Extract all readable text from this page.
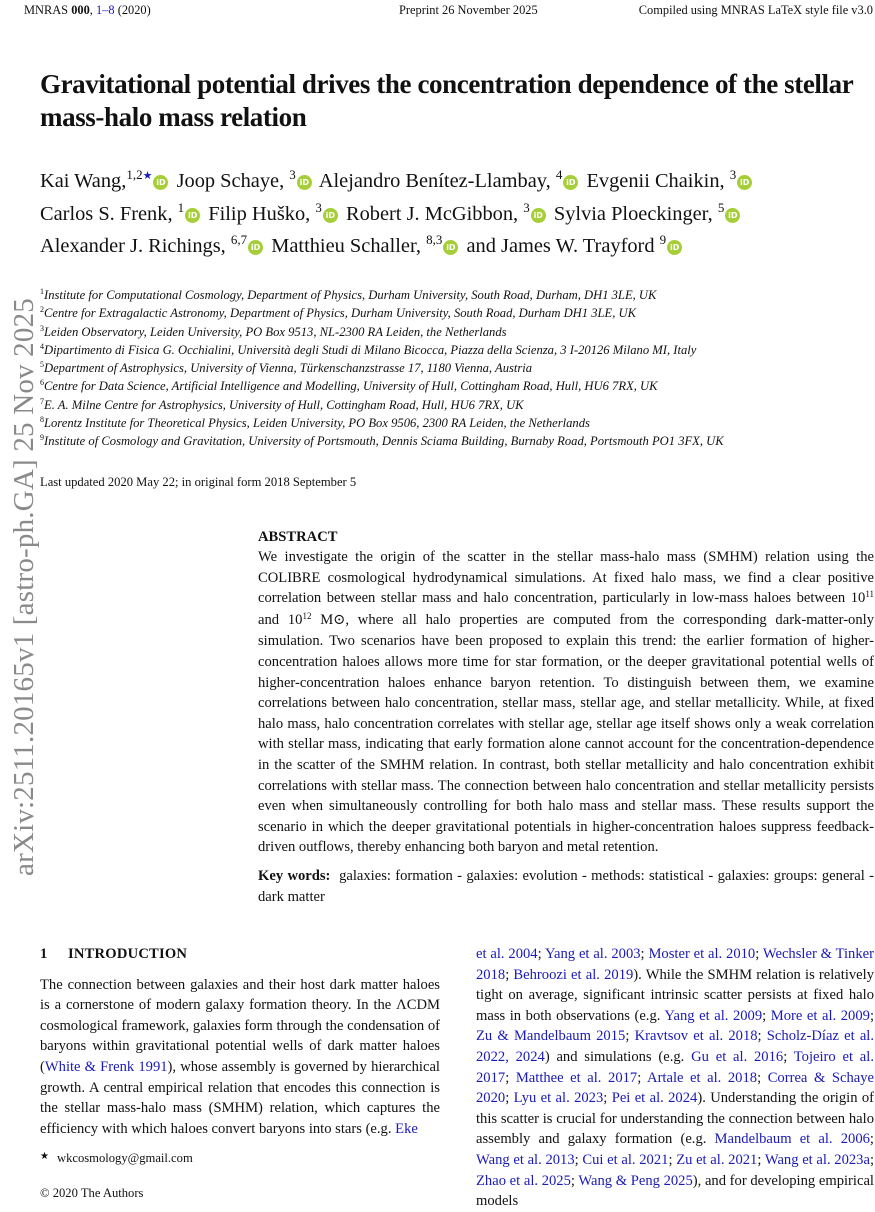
MNRAS 000, 1–8 (2020)	Preprint 26 November 2025	Compiled using MNRAS LaTeX style file v3.0
Gravitational potential drives the concentration dependence of the stellar mass-halo mass relation
Kai Wang,$^{1,2★}$iD Joop Schaye, $^3$iD Alejandro Benítez-Llambay, $^4$iD Evgenii Chaikin, $^3$iD
Carlos S. Frenk, $^1$iD Filip Huško, $^3$iD Robert J. McGibbon, $^3$iD Sylvia Ploeckinger, $^5$iD
Alexander J. Richings, $^{6,7}$iD Matthieu Schaller, $^{8,3}$iD and James W. Trayford $^9$iD
$^1$Institute for Computational Cosmology, Department of Physics, Durham University, South Road, Durham, DH1 3LE, UK
$^2$Centre for Extragalactic Astronomy, Department of Physics, Durham University, South Road, Durham DH1 3LE, UK
$^3$Leiden Observatory, Leiden University, PO Box 9513, NL-2300 RA Leiden, the Netherlands
$^4$Dipartimento di Fisica G. Occhialini, Università degli Studi di Milano Bicocca, Piazza della Scienza, 3 I-20126 Milano MI, Italy
$^5$Department of Astrophysics, University of Vienna, Türkenschanzstrasse 17, 1180 Vienna, Austria
$^6$Centre for Data Science, Artificial Intelligence and Modelling, University of Hull, Cottingham Road, Hull, HU6 7RX, UK
$^7$E. A. Milne Centre for Astrophysics, University of Hull, Cottingham Road, Hull, HU6 7RX, UK
$^8$Lorentz Institute for Theoretical Physics, Leiden University, PO Box 9506, 2300 RA Leiden, the Netherlands
$^9$Institute of Cosmology and Gravitation, University of Portsmouth, Dennis Sciama Building, Burnaby Road, Portsmouth PO1 3FX, UK
arXiv:2511.20165v1 [astro-ph.GA] 25 Nov 2025 Last updated 2020 May 22; in original form 2018 September 5
ABSTRACT

We investigate the origin of the scatter in the stellar mass-halo mass (SMHM) relation using the COLIBRE cosmological hydrodynamical simulations. At fixed halo mass, we find a clear positive correlation between stellar mass and halo concentration, particularly in low-mass haloes between $10^{11}$ and $10^{12}$ M⊙, where all halo properties are computed from the corresponding dark-matter-only simulation. Two scenarios have been proposed to explain this trend: the earlier formation of higher-concentration haloes allows more time for star formation, or the deeper gravitational potential wells of higher-concentration haloes enhance baryon retention. To distinguish between them, we examine correlations between halo concentration, stellar mass, stellar age, and stellar metallicity. While, at fixed halo mass, halo concentration correlates with stellar age, stellar age itself shows only a weak correlation with stellar mass, indicating that early formation alone cannot account for the concentration-dependence in the scatter of the SMHM relation. In contrast, both stellar metallicity and halo concentration exhibit correlations with stellar mass. The connection between halo concentration and stellar metallicity persists even when simultaneously controlling for both halo mass and stellar mass. These results support the scenario in which the deeper gravitational potentials in higher-concentration haloes suppress feedback-driven outflows, thereby enhancing both baryon and metal retention.

Key words: galaxies: formation - galaxies: evolution - methods: statistical - galaxies: groups: general - dark matter

1 INTRODUCTION

The connection between galaxies and their host dark matter haloes is a cornerstone of modern galaxy formation theory. In the ΛCDM cosmological framework, galaxies form through the condensation of baryons within gravitational potential wells of dark matter haloes (White & Frenk 1991), whose assembly is governed by hierarchical growth. A central empirical relation that encodes this connection is the stellar mass-halo mass (SMHM) relation, which captures the efficiency with which haloes convert baryons into stars (e.g. Eke

et al. 2004; Yang et al. 2003; Moster et al. 2010; Wechsler & Tinker 2018; Behroozi et al. 2019). While the SMHM relation is relatively tight on average, significant intrinsic scatter persists at fixed halo mass in both observations (e.g. Yang et al. 2009; More et al. 2009; Zu & Mandelbaum 2015; Kravtsov et al. 2018; Scholz-Díaz et al. 2022, 2024) and simulations (e.g. Gu et al. 2016; Tojeiro et al. 2017; Matthee et al. 2017; Artale et al. 2018; Correa & Schaye 2020; Lyu et al. 2023; Pei et al. 2024). Understanding the origin of this scatter is crucial for understanding the connection between halo assembly and galaxy formation (e.g. Mandelbaum et al. 2006; Wang et al. 2013; Cui et al. 2021; Zu et al. 2021; Wang et al. 2023a; Zhao et al. 2025; Wang & Peng 2025), and for developing empirical models

★ wkcosmology@gmail.com
© 2020 The Authors
